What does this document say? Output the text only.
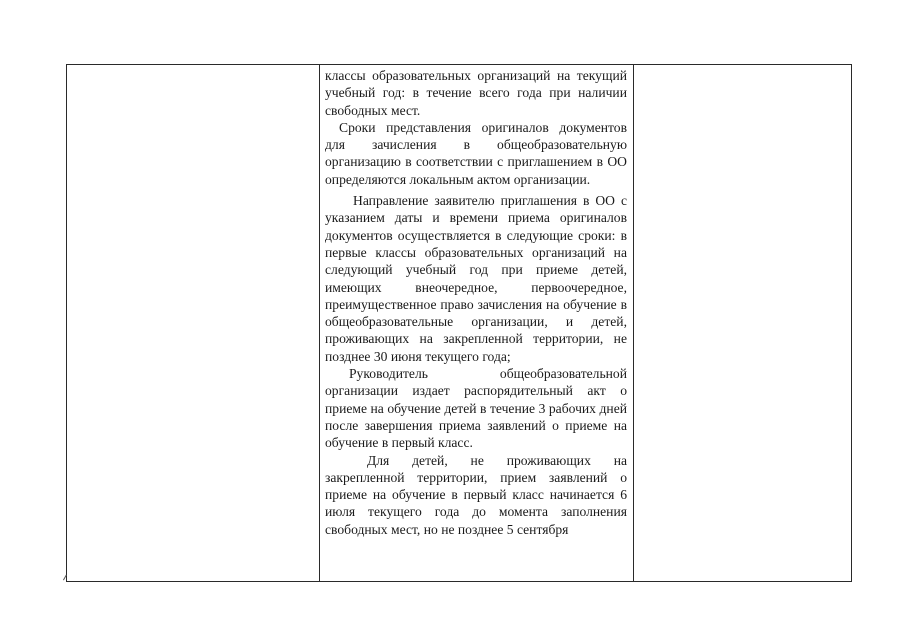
классы образовательных организаций на текущий учебный год: в течение всего года при наличии свободных мест.

Сроки представления оригиналов документов для зачисления в общеобразовательную организацию в соответствии с приглашением в ОО определяются локальным актом организации.

Направление заявителю приглашения в ОО с указанием даты и времени приема оригиналов документов осуществляется в следующие сроки: в первые классы образовательных организаций на следующий учебный год при приеме детей, имеющих внеочередное, первоочередное, преимущественное право зачисления на обучение в общеобразовательные организации, и детей, проживающих на закрепленной территории, не позднее 30 июня текущего года;

Руководитель общеобразовательной организации издает распорядительный акт о приеме на обучение детей в течение 3 рабочих дней после завершения приема заявлений о приеме на обучение в первый класс.

Для детей, не проживающих на закрепленной территории, прием заявлений о приеме на обучение в первый класс начинается 6 июля текущего года до момента заполнения свободных мест, но не позднее 5 сентября
